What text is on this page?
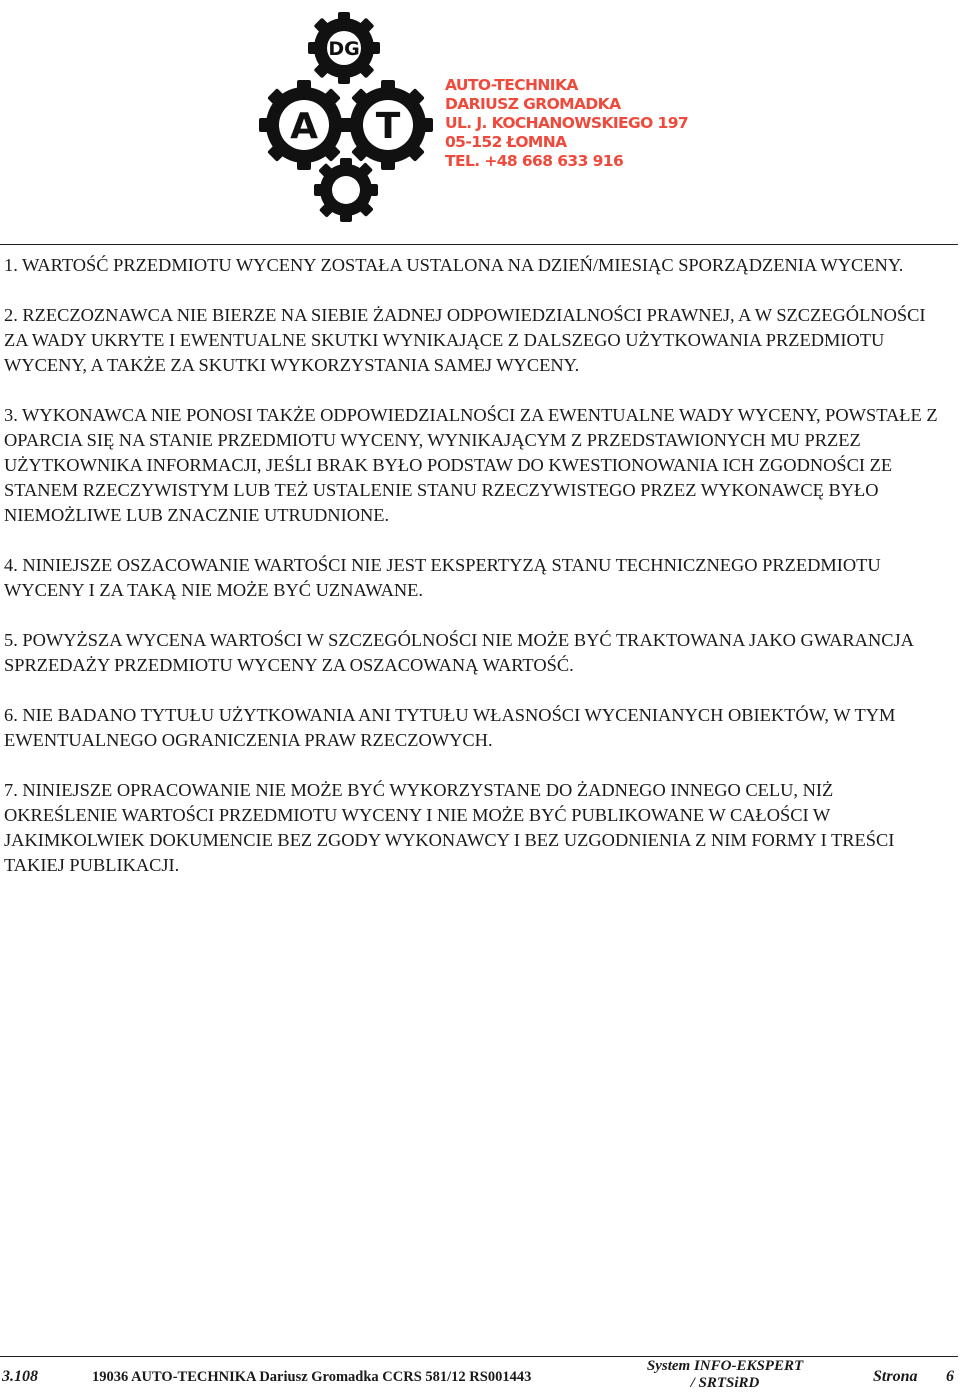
DG
A T
AUTO-TECHNIKA
DARIUSZ GROMADKA
UL. J. KOCHANOWSKIEGO 197
05-152 ŁOMNA
TEL. +48 668 633 916

1. WARTOŚĆ PRZEDMIOTU WYCENY ZOSTAŁA USTALONA NA DZIEŃ/MIESIĄC SPORZĄDZENIA WYCENY.

2. RZECZOZNAWCA NIE BIERZE NA SIEBIE ŻADNEJ ODPOWIEDZIALNOŚCI PRAWNEJ, A W SZCZEGÓLNOŚCI ZA WADY UKRYTE I EWENTUALNE SKUTKI WYNIKAJĄCE Z DALSZEGO UŻYTKOWANIA PRZEDMIOTU WYCENY, A TAKŻE ZA SKUTKI WYKORZYSTANIA SAMEJ WYCENY.

3. WYKONAWCA NIE PONOSI TAKŻE ODPOWIEDZIALNOŚCI ZA EWENTUALNE WADY WYCENY, POWSTAŁE Z OPARCIA SIĘ NA STANIE PRZEDMIOTU WYCENY, WYNIKAJĄCYM Z PRZEDSTAWIONYCH MU PRZEZ UŻYTKOWNIKA INFORMACJI, JEŚLI BRAK BYŁO PODSTAW DO KWESTIONOWANIA ICH ZGODNOŚCI ZE STANEM RZECZYWISTYM LUB TEŻ USTALENIE STANU RZECZYWISTEGO PRZEZ WYKONAWCĘ BYŁO NIEMOŻLIWE LUB ZNACZNIE UTRUDNIONE.

4. NINIEJSZE OSZACOWANIE WARTOŚCI NIE JEST EKSPERTYZĄ STANU TECHNICZNEGO PRZEDMIOTU WYCENY I ZA TAKĄ NIE MOŻE BYĆ UZNAWANE.

5. POWYŻSZA WYCENA WARTOŚCI W SZCZEGÓLNOŚCI NIE MOŻE BYĆ TRAKTOWANA JAKO GWARANCJA SPRZEDAŻY PRZEDMIOTU WYCENY ZA OSZACOWANĄ WARTOŚĆ.

6. NIE BADANO TYTUŁU UŻYTKOWANIA ANI TYTUŁU WŁASNOŚCI WYCENIANYCH OBIEKTÓW, W TYM EWENTUALNEGO OGRANICZENIA PRAW RZECZOWYCH.

7. NINIEJSZE OPRACOWANIE NIE MOŻE BYĆ WYKORZYSTANE DO ŻADNEGO INNEGO CELU, NIŻ OKREŚLENIE WARTOŚCI PRZEDMIOTU WYCENY I NIE MOŻE BYĆ PUBLIKOWANE W CAŁOŚCI W JAKIMKOLWIEK DOKUMENCIE BEZ ZGODY WYKONAWCY I BEZ UZGODNIENIA Z NIM FORMY I TREŚCI TAKIEJ PUBLIKACJI.

3.108	19036 AUTO-TECHNIKA Dariusz Gromadka CCRS 581/12 RS001443
System INFO-EKSPERT
/ SRTSiRD	Strona 6
